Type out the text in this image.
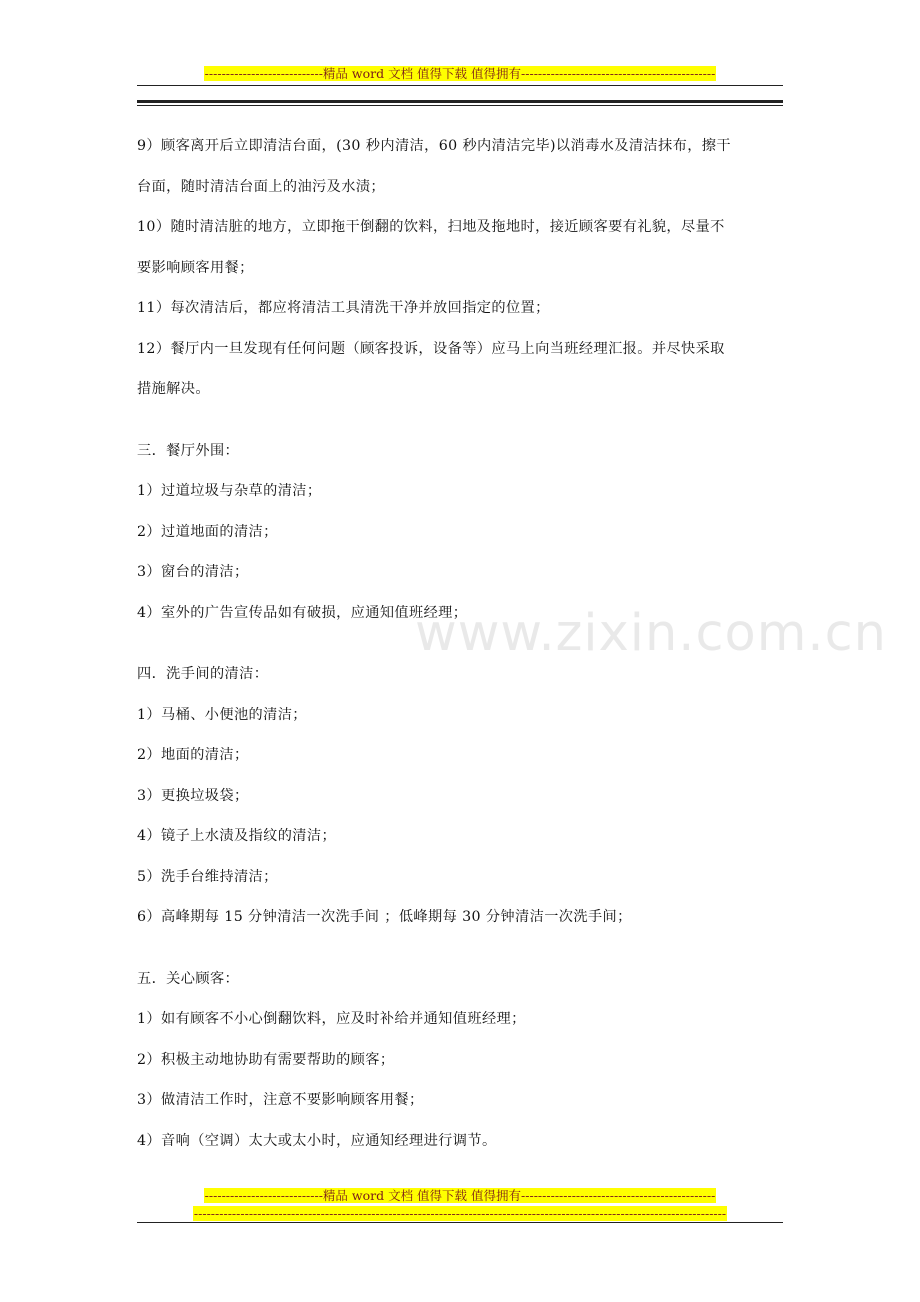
----------------------------精品 word 文档 值得下载 值得拥有----------------------------------------------
www.zixin.com.cn

9）顾客离开后立即清洁台面，(30 秒内清洁，60 秒内清洁完毕)以消毒水及清洁抹布，擦干

台面，随时清洁台面上的油污及水渍；

10）随时清洁脏的地方，立即拖干倒翻的饮料，扫地及拖地时，接近顾客要有礼貌，尽量不

要影响顾客用餐；

11）每次清洁后，都应将清洁工具清洗干净并放回指定的位置；

12）餐厅内一旦发现有任何问题（顾客投诉，设备等）应马上向当班经理汇报。并尽快采取

措施解决。

三．餐厅外围：

1）过道垃圾与杂草的清洁；

2）过道地面的清洁；

3）窗台的清洁；

4）室外的广告宣传品如有破损，应通知值班经理；

四．洗手间的清洁：

1）马桶、小便池的清洁；

2）地面的清洁；

3）更换垃圾袋；

4）镜子上水渍及指纹的清洁；

5）洗手台维持清洁；

6）高峰期每 15 分钟清洁一次洗手间 ；低峰期每 30 分钟清洁一次洗手间；

五．关心顾客：

1）如有顾客不小心倒翻饮料，应及时补给并通知值班经理；

2）积极主动地协助有需要帮助的顾客；

3）做清洁工作时，注意不要影响顾客用餐；

4）音响（空调）太大或太小时，应通知经理进行调节。

----------------------------精品 word 文档 值得下载 值得拥有----------------------------------------------
------------------------------------------------------------------------------------------------------------------------------
